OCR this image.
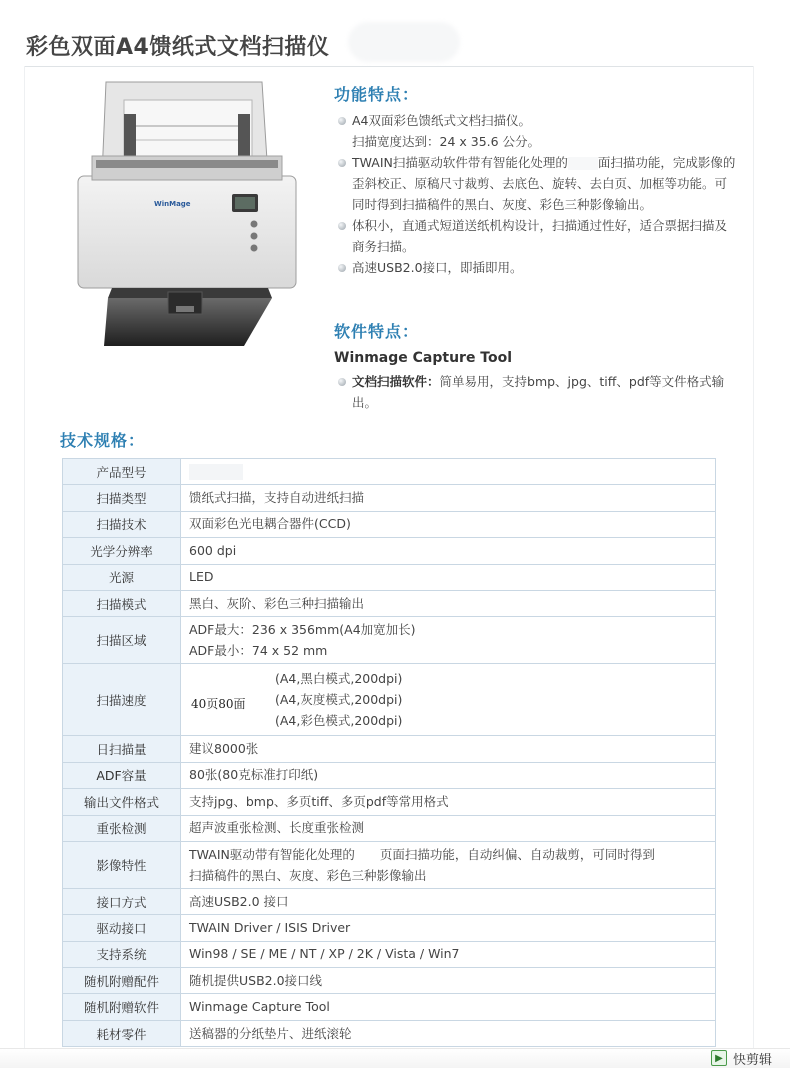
彩色双面A4馈纸式文档扫描仪
WinMage
功能特点：
A4双面彩色馈纸式文档扫描仪。
扫描宽度达到：24 x 35.6 公分。
TWAIN扫描驱动软件带有智能化处理的 面扫描功能，完成影像的歪斜校正、原稿尺寸裁剪、去底色、旋转、去白页、加框等功能。可同时得到扫描稿件的黑白、灰度、彩色三种影像输出。
体积小，直通式短道送纸机构设计，扫描通过性好，适合票据扫描及商务扫描。
高速USB2.0接口，即插即用。
软件特点：
Winmage Capture Tool
文档扫描软件：简单易用，支持bmp、jpg、tiff、pdf等文件格式输出。
技术规格：
产品型号	
扫描类型	馈纸式扫描，支持自动进纸扫描
扫描技术	双面彩色光电耦合器件(CCD)
光学分辨率	600 dpi
光源	LED
扫描模式	黑白、灰阶、彩色三种扫描输出
扫描区域	ADF最大：236 x 356mm(A4加宽加长)
ADF最小：74 x 52 mm

扫描速度	40页80面
(A4,黑白模式,200dpi)
(A4,灰度模式,200dpi)
(A4,彩色模式,200dpi)

日扫描量	建议8000张
ADF容量	80张(80克标准打印纸)
输出文件格式	支持jpg、bmp、多页tiff、多页pdf等常用格式
重张检测	超声波重张检测、长度重张检测
影像特性	TWAIN驱动带有智能化处理的　　页面扫描功能，自动纠偏、自动裁剪，可同时得到
扫描稿件的黑白、灰度、彩色三种影像输出

接口方式	高速USB2.0 接口
驱动接口	TWAIN Driver / ISIS Driver
支持系统	Win98 / SE / ME / NT / XP / 2K / Vista / Win7
随机附赠配件	随机提供USB2.0接口线
随机附赠软件	Winmage Capture Tool
耗材零件	送稿器的分纸垫片、进纸滚轮
▶ 快剪辑
